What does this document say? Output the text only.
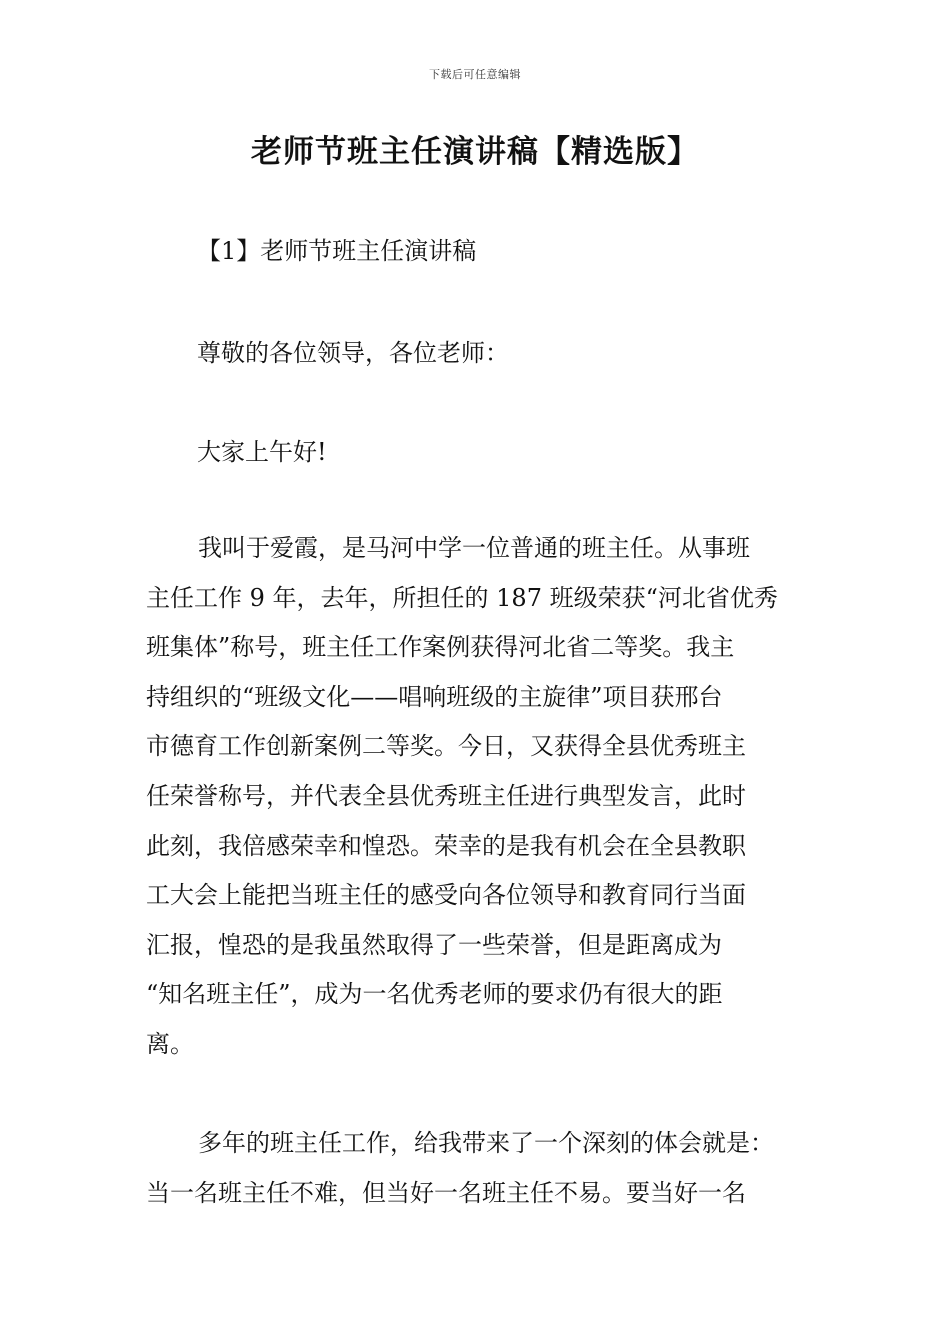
下载后可任意编辑
老师节班主任演讲稿【精选版】
【1】老师节班主任演讲稿
尊敬的各位领导，各位老师：
大家上午好!
我叫于爱霞，是马河中学一位普通的班主任。从事班
主任工作 9 年，去年，所担任的 187 班级荣获“河北省优秀
班集体”称号，班主任工作案例获得河北省二等奖。我主
持组织的“班级文化——唱响班级的主旋律”项目获邢台
市德育工作创新案例二等奖。今日，又获得全县优秀班主
任荣誉称号，并代表全县优秀班主任进行典型发言，此时
此刻，我倍感荣幸和惶恐。荣幸的是我有机会在全县教职
工大会上能把当班主任的感受向各位领导和教育同行当面
汇报，惶恐的是我虽然取得了一些荣誉，但是距离成为
“知名班主任”，成为一名优秀老师的要求仍有很大的距
离。
多年的班主任工作，给我带来了一个深刻的体会就是：
当一名班主任不难，但当好一名班主任不易。要当好一名
